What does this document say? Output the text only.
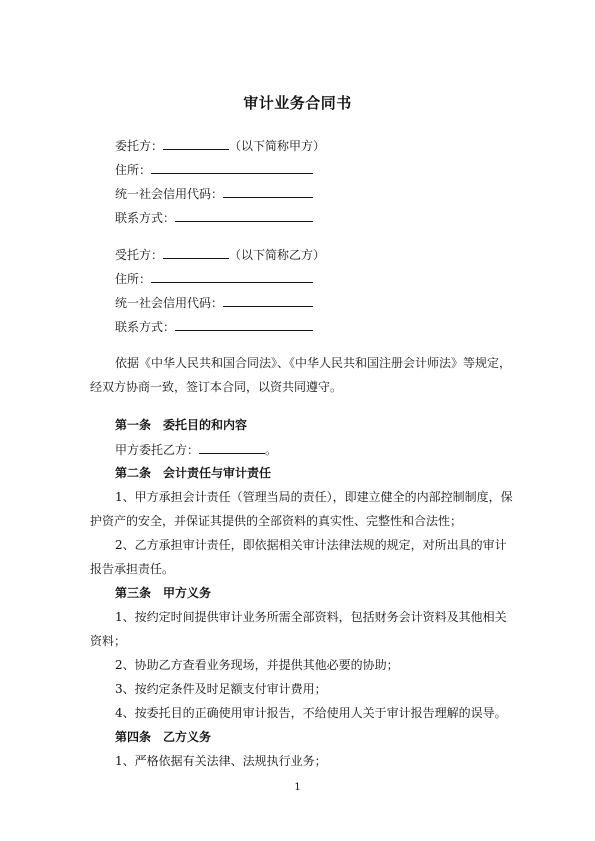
审计业务合同书
委托方：	（以下简称甲方）
住所：
统一社会信用代码：
联系方式：
受托方：	（以下简称乙方）
住所：
统一社会信用代码：
联系方式：
依据《中华人民共和国合同法》、《中华人民共和国注册会计师法》等规定，
经双方协商一致，签订本合同，以资共同遵守。
第一条 委托目的和内容
甲方委托乙方：	。
第二条 会计责任与审计责任
1、甲方承担会计责任（管理当局的责任），即建立健全的内部控制制度，保
护资产的安全，并保证其提供的全部资料的真实性、完整性和合法性；
2、乙方承担审计责任，即依据相关审计法律法规的规定，对所出具的审计
报告承担责任。
第三条 甲方义务
1、按约定时间提供审计业务所需全部资料，包括财务会计资料及其他相关
资料；
2、协助乙方查看业务现场，并提供其他必要的协助；
3、按约定条件及时足额支付审计费用；
4、按委托目的正确使用审计报告，不给使用人关于审计报告理解的误导。
第四条 乙方义务
1、严格依据有关法律、法规执行业务；
1
